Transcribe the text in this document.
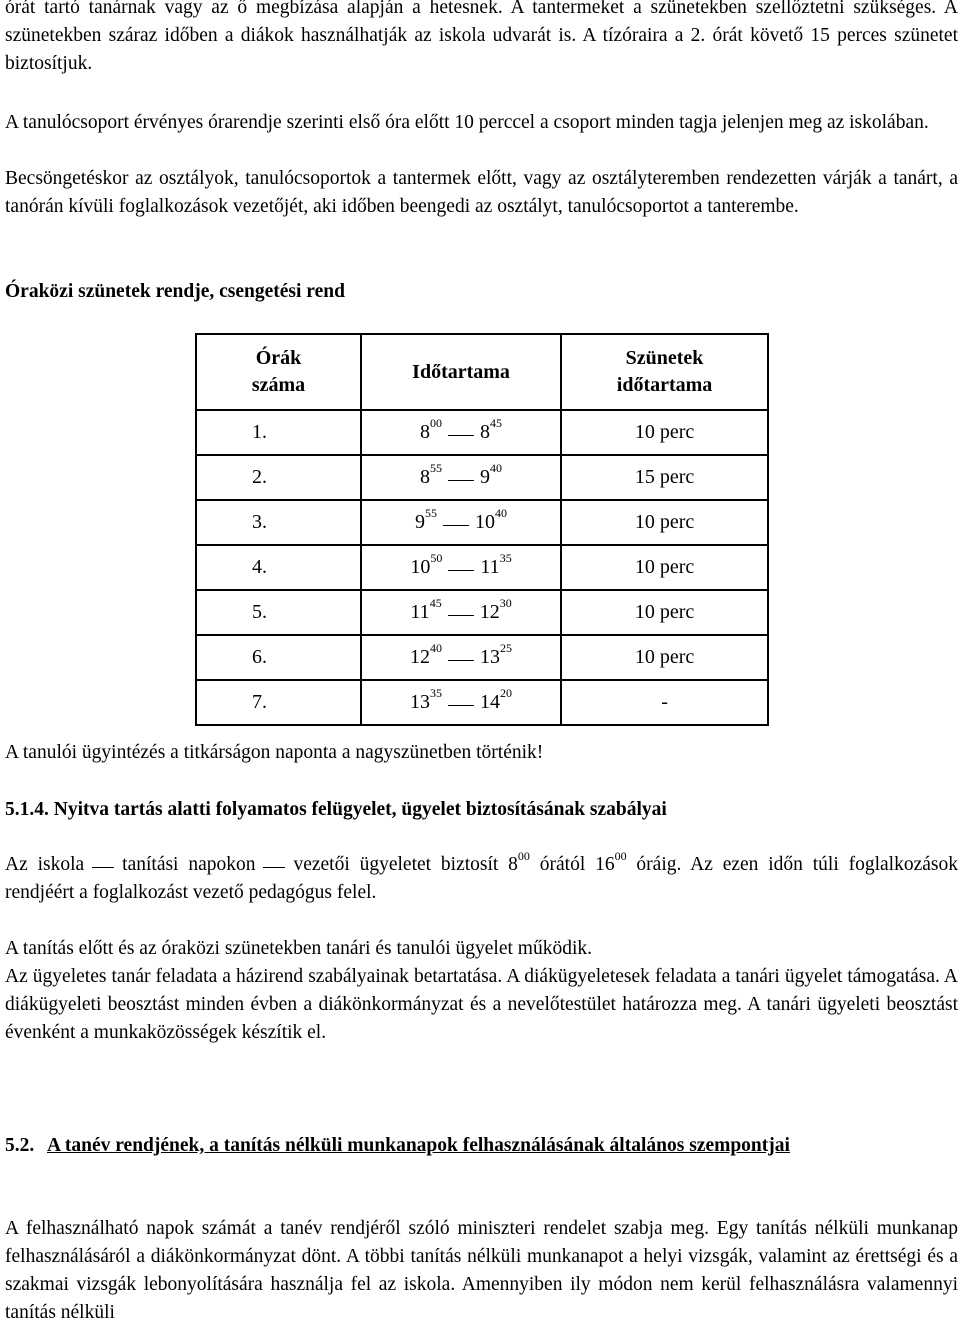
órát tartó tanárnak vagy az ő megbízása alapján a hetesnek. A tantermeket a szünetekben szellőztetni szükséges. A szünetekben száraz időben a diákok használhatják az iskola udvarát is. A tízóraira a 2. órát követő 15 perces szünetet biztosítjuk.

A tanulócsoport érvényes órarendje szerinti első óra előtt 10 perccel a csoport minden tagja jelenjen meg az iskolában.

Becsöngetéskor az osztályok, tanulócsoportok a tantermek előtt, vagy az osztályteremben rendezetten várják a tanárt, a tanórán kívüli foglalkozások vezetőjét, aki időben beengedi az osztályt, tanulócsoportot a tanterembe.

Óraközi szünetek rendje, csengetési rend

Órák száma	Időtartama	Szünetek időtartama
1.	$8^{00}$ $8^{45}$	10 perc
2.	$8^{55}$ $9^{40}$	15 perc
3.	$9^{55}$ $10^{40}$	10 perc
4.	$10^{50}$ $11^{35}$	10 perc
5.	$11^{45}$ $12^{30}$	10 perc
6.	$12^{40}$ $13^{25}$	10 perc
7.	$13^{35}$ $14^{20}$	-

A tanulói ügyintézés a titkárságon naponta a nagyszünetben történik!

5.1.4. Nyitva tartás alatti folyamatos felügyelet, ügyelet biztosításának szabályai

Az iskola tanítási napokon vezetői ügyeletet biztosít $8^{00}$ órától $16^{00}$ óráig. Az ezen időn túli foglalkozások rendjéért a foglalkozást vezető pedagógus felel.

A tanítás előtt és az óraközi szünetekben tanári és tanulói ügyelet működik.

Az ügyeletes tanár feladata a házirend szabályainak betartatása. A diákügyeletesek feladata a tanári ügyelet támogatása. A diákügyeleti beosztást minden évben a diákönkormányzat és a nevelőtestület határozza meg. A tanári ügyeleti beosztást évenként a munkaközösségek készítik el.

5.2. A tanév rendjének, a tanítás nélküli munkanapok felhasználásának általános szempontjai

A felhasználható napok számát a tanév rendjéről szóló miniszteri rendelet szabja meg. Egy tanítás nélküli munkanap felhasználásáról a diákönkormányzat dönt. A többi tanítás nélküli munkanapot a helyi vizsgák, valamint az érettségi és a szakmai vizsgák lebonyolítására használja fel az iskola. Amennyiben ily módon nem kerül felhasználásra valamennyi tanítás nélküli
